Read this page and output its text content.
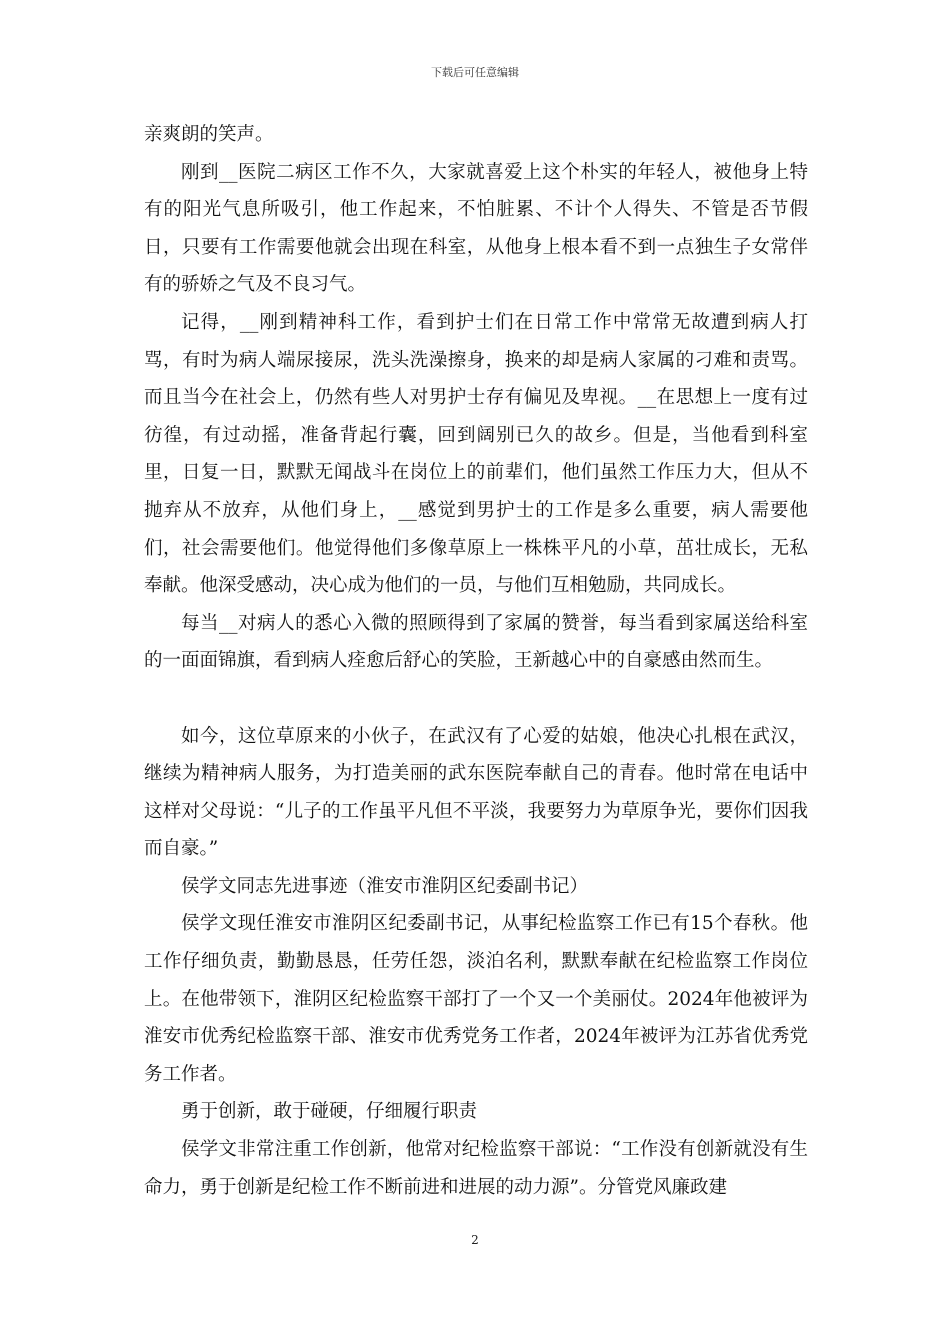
下载后可任意编辑

亲爽朗的笑声。

刚到__医院二病区工作不久，大家就喜爱上这个朴实的年轻人，被他身上特有的阳光气息所吸引，他工作起来，不怕脏累、不计个人得失、不管是否节假日，只要有工作需要他就会出现在科室，从他身上根本看不到一点独生子女常伴有的骄娇之气及不良习气。

记得，__刚到精神科工作，看到护士们在日常工作中常常无故遭到病人打骂，有时为病人端尿接尿，洗头洗澡擦身，换来的却是病人家属的刁难和责骂。而且当今在社会上，仍然有些人对男护士存有偏见及卑视。__在思想上一度有过彷徨，有过动摇，准备背起行囊，回到阔别已久的故乡。但是，当他看到科室里，日复一日，默默无闻战斗在岗位上的前辈们，他们虽然工作压力大，但从不抛弃从不放弃，从他们身上，__感觉到男护士的工作是多么重要，病人需要他们，社会需要他们。他觉得他们多像草原上一株株平凡的小草，茁壮成长，无私奉献。他深受感动，决心成为他们的一员，与他们互相勉励，共同成长。

每当__对病人的悉心入微的照顾得到了家属的赞誉，每当看到家属送给科室的一面面锦旗，看到病人痊愈后舒心的笑脸，王新越心中的自豪感由然而生。

如今，这位草原来的小伙子，在武汉有了心爱的姑娘，他决心扎根在武汉，继续为精神病人服务，为打造美丽的武东医院奉献自己的青春。他时常在电话中这样对父母说：“儿子的工作虽平凡但不平淡，我要努力为草原争光，要你们因我而自豪。”

侯学文同志先进事迹（淮安市淮阴区纪委副书记）

侯学文现任淮安市淮阴区纪委副书记，从事纪检监察工作已有15个春秋。他工作仔细负责，勤勤恳恳，任劳任怨，淡泊名利，默默奉献在纪检监察工作岗位上。在他带领下，淮阴区纪检监察干部打了一个又一个美丽仗。2024年他被评为淮安市优秀纪检监察干部、淮安市优秀党务工作者，2024年被评为江苏省优秀党务工作者。

勇于创新，敢于碰硬，仔细履行职责

侯学文非常注重工作创新，他常对纪检监察干部说：“工作没有创新就没有生命力，勇于创新是纪检工作不断前进和进展的动力源”。分管党风廉政建

2
